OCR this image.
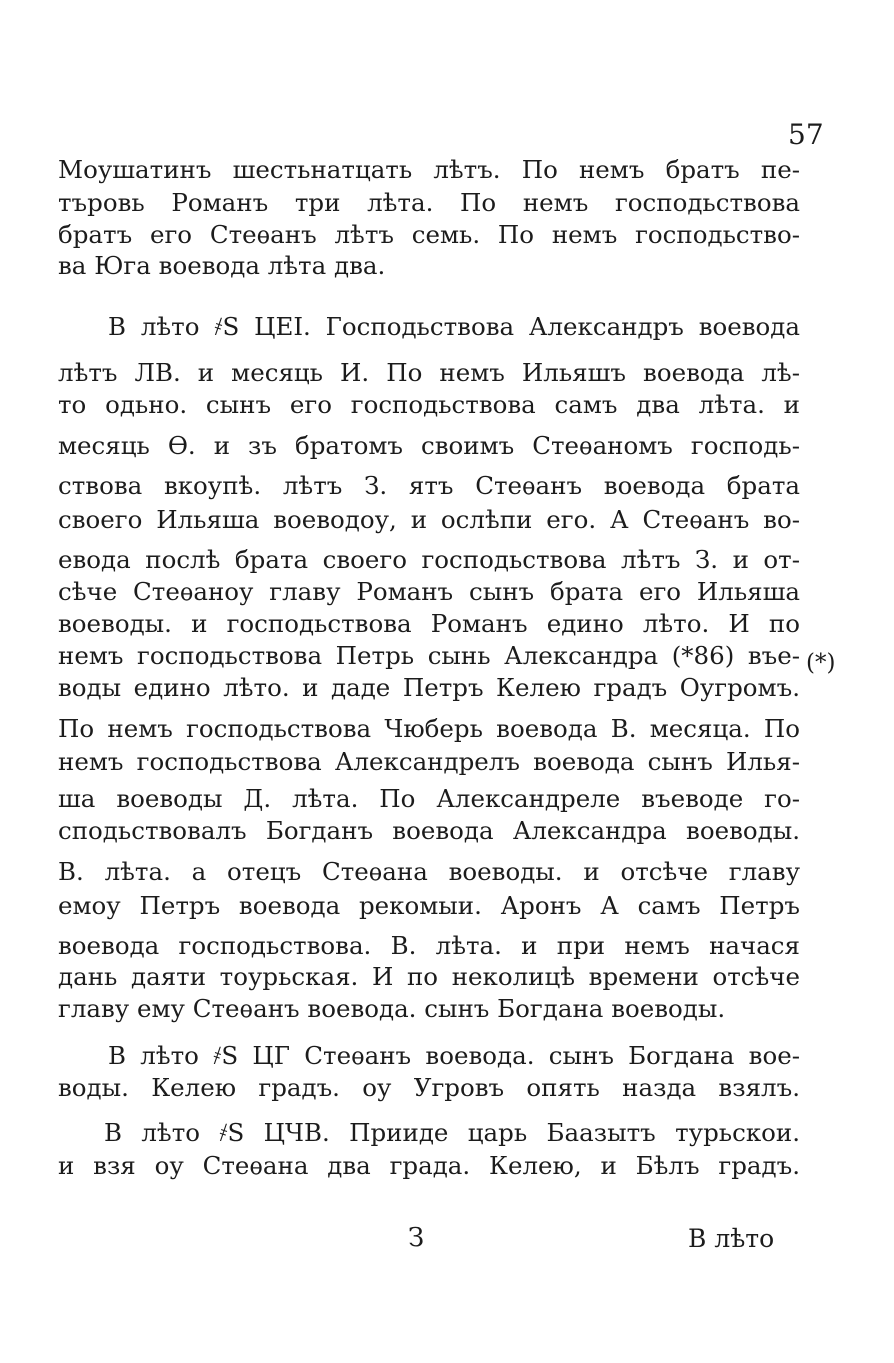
57
Моушатинъ шестьнатцать лѣтъ. По немъ братъ пе-
търовь Романъ три лѣта. По немъ господьствова
братъ его Стеѳанъ лѣтъ семь. По немъ господьство-
ва Юга воевода лѣта два.
В лѣто ҂Ѕ ЦЕІ. Господьствова Александръ воевода
лѣтъ ЛВ. и месяць И. По немъ Ильяшъ воевода лѣ-
то одьно. сынъ его господьствова самъ два лѣта. и
месяць Ѳ. и зъ братомъ своимъ Стеѳаномъ господь-
ствова вкоупѣ. лѣтъ З. ятъ Стеѳанъ воевода брата
своего Ильяша воеводоу, и ослѣпи его. А Стеѳанъ во-
евода послѣ брата своего господьствова лѣтъ З. и от-
сѣче Стеѳаноу главу Романъ сынъ брата его Ильяша
воеводы. и господьствова Романъ едино лѣто. И по
немъ господьствова Петрь сынь Александра (*86) въе-
воды едино лѣто. и даде Петръ Келею градъ Оугромъ.
По немъ господьствова Чюберь воевода В. месяца. По
немъ господьствова Александрелъ воевода сынъ Илья-
ша воеводы Д. лѣта. По Александреле въеводе го-
сподьствовалъ Богданъ воевода Александра воеводы.
В. лѣта. а отецъ Стеѳана воеводы. и отсѣче главу
емоу Петръ воевода рекомыи. Аронъ А самъ Петръ
воевода господьствова. В. лѣта. и при немъ начася
дань даяти тоурьская. И по неколицѣ времени отсѣче
главу ему Стеѳанъ воевода. сынъ Богдана воеводы.
В лѣто ҂Ѕ ЦГ Стеѳанъ воевода. сынъ Богдана вое-
воды. Келею градъ. оу Угровъ опять назда взялъ.
В лѣто ҂Ѕ ЦЧВ. Прииде царь Баазытъ турьскои.
и взя оу Стеѳана два града. Келею, и Бѣлъ градъ.
(*)
З	В лѣто
